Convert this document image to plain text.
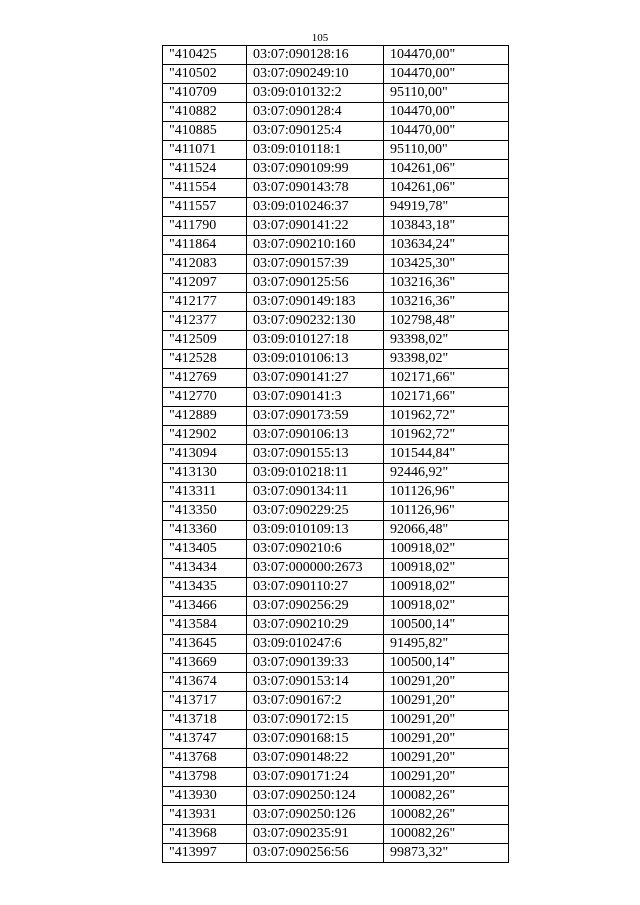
105
"410425	03:07:090128:16	104470,00"
"410502	03:07:090249:10	104470,00"
"410709	03:09:010132:2	95110,00"
"410882	03:07:090128:4	104470,00"
"410885	03:07:090125:4	104470,00"
"411071	03:09:010118:1	95110,00"
"411524	03:07:090109:99	104261,06"
"411554	03:07:090143:78	104261,06"
"411557	03:09:010246:37	94919,78"
"411790	03:07:090141:22	103843,18"
"411864	03:07:090210:160	103634,24"
"412083	03:07:090157:39	103425,30"
"412097	03:07:090125:56	103216,36"
"412177	03:07:090149:183	103216,36"
"412377	03:07:090232:130	102798,48"
"412509	03:09:010127:18	93398,02"
"412528	03:09:010106:13	93398,02"
"412769	03:07:090141:27	102171,66"
"412770	03:07:090141:3	102171,66"
"412889	03:07:090173:59	101962,72"
"412902	03:07:090106:13	101962,72"
"413094	03:07:090155:13	101544,84"
"413130	03:09:010218:11	92446,92"
"413311	03:07:090134:11	101126,96"
"413350	03:07:090229:25	101126,96"
"413360	03:09:010109:13	92066,48"
"413405	03:07:090210:6	100918,02"
"413434	03:07:000000:2673	100918,02"
"413435	03:07:090110:27	100918,02"
"413466	03:07:090256:29	100918,02"
"413584	03:07:090210:29	100500,14"
"413645	03:09:010247:6	91495,82"
"413669	03:07:090139:33	100500,14"
"413674	03:07:090153:14	100291,20"
"413717	03:07:090167:2	100291,20"
"413718	03:07:090172:15	100291,20"
"413747	03:07:090168:15	100291,20"
"413768	03:07:090148:22	100291,20"
"413798	03:07:090171:24	100291,20"
"413930	03:07:090250:124	100082,26"
"413931	03:07:090250:126	100082,26"
"413968	03:07:090235:91	100082,26"
"413997	03:07:090256:56	99873,32"
